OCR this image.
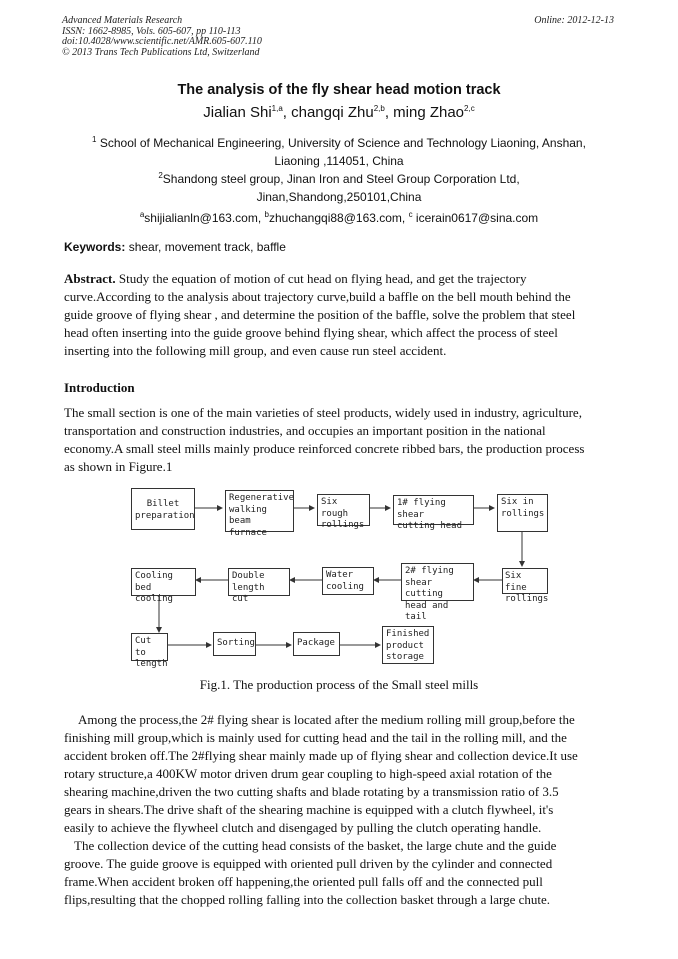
Advanced Materials Research
ISSN: 1662-8985, Vols. 605-607, pp 110-113
doi:10.4028/www.scientific.net/AMR.605-607.110
© 2013 Trans Tech Publications Ltd, Switzerland
Online: 2012-12-13
The analysis of the fly shear head motion track
Jialian Shi$^{1,a}$, changqi Zhu$^{2,b}$, ming Zhao$^{2,c}$
$^1$ School of Mechanical Engineering, University of Science and Technology Liaoning, Anshan,
Liaoning ,114051, China
$^2$Shandong steel group, Jinan Iron and Steel Group Corporation Ltd,
Jinan,Shandong,250101,China
$^a$shijialianln@163.com, $^b$zhuchangqi88@163.com, $^c$ icerain0617@sina.com
Keywords: shear, movement track, baffle
Abstract. Study the equation of motion of cut head on flying head, and get the trajectory
curve.According to the analysis about trajectory curve,build a baffle on the bell mouth behind the
guide groove of flying shear , and determine the position of the baffle, solve the problem that steel
head often inserting into the guide groove behind flying shear, which affect the process of steel
inserting into the following mill group, and even cause run steel accident.
Introduction
The small section is one of the main varieties of steel products, widely used in industry, agriculture,
transportation and construction industries, and occupies an important position in the national
economy.A small steel mills mainly produce reinforced concrete ribbed bars, the production process
as shown in Figure.1
Billet
preparation
Regenerative
walking beam
furnace
Six rough
rollings
1# flying shear
cutting head
Six in
rollings
Six fine
rollings
2# flying
shear cutting
head and tail
Water
cooling
Double
length cut
Cooling
bed cooling
Cut to
length
Sorting	Package
Finished
product
storage
Fig.1. The production process of the Small steel mills
Among the process,the 2# flying shear is located after the medium rolling mill group,before the
finishing mill group,which is mainly used for cutting head and the tail in the rolling mill, and the
accident broken off.The 2#flying shear mainly made up of flying shear and collection device.It use
rotary structure,a 400KW motor driven drum gear coupling to high-speed axial rotation of the
shearing machine,driven the two cutting shafts and blade rotating by a transmission ratio of 3.5
gears in shears.The drive shaft of the shearing machine is equipped with a clutch flywheel, it's
easily to achieve the flywheel clutch and disengaged by pulling the clutch operating handle.
The collection device of the cutting head consists of the basket, the large chute and the guide
groove. The guide groove is equipped with oriented pull driven by the cylinder and connected
frame.When accident broken off happening,the oriented pull falls off and the connected pull
flips,resulting that the chopped rolling falling into the collection basket through a large chute.
